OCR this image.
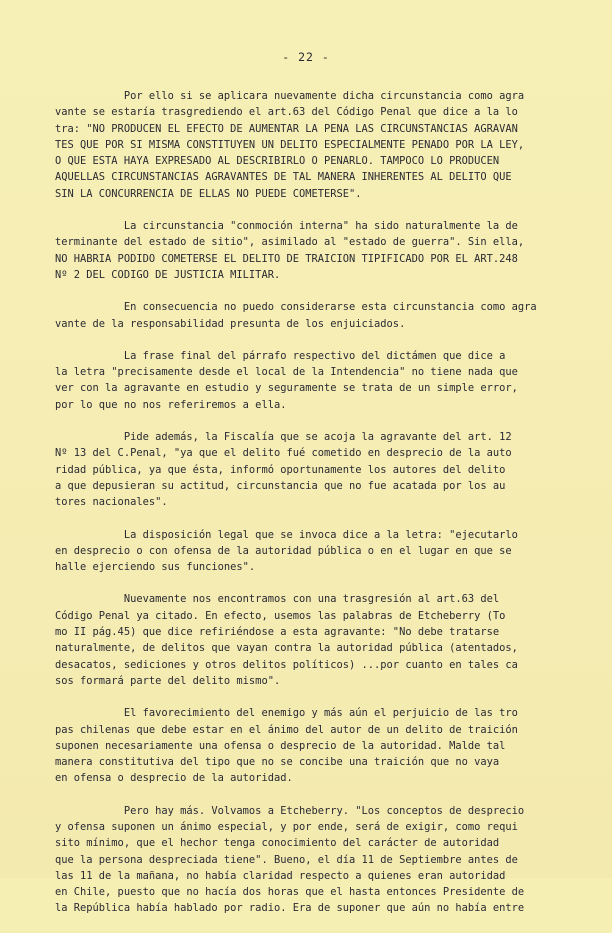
- 22 -
Por ello si se aplicara nuevamente dicha circunstancia como agra
vante se estaría trasgrediendo el art.63 del Código Penal que dice a la lo
tra: "NO PRODUCEN EL EFECTO DE AUMENTAR LA PENA LAS CIRCUNSTANCIAS AGRAVAN
TES QUE POR SI MISMA CONSTITUYEN UN DELITO ESPECIALMENTE PENADO POR LA LEY,
O QUE ESTA HAYA EXPRESADO AL DESCRIBIRLO O PENARLO. TAMPOCO LO PRODUCEN
AQUELLAS CIRCUNSTANCIAS AGRAVANTES DE TAL MANERA INHERENTES AL DELITO QUE
SIN LA CONCURRENCIA DE ELLAS NO PUEDE COMETERSE".
La circunstancia "conmoción interna" ha sido naturalmente la de
terminante del estado de sitio", asimilado al "estado de guerra". Sin ella,
NO HABRIA PODIDO COMETERSE EL DELITO DE TRAICION TIPIFICADO POR EL ART.248
Nº 2 DEL CODIGO DE JUSTICIA MILITAR.
En consecuencia no puedo considerarse esta circunstancia como agra
vante de la responsabilidad presunta de los enjuiciados.
La frase final del párrafo respectivo del dictámen que dice a
la letra "precisamente desde el local de la Intendencia" no tiene nada que
ver con la agravante en estudio y seguramente se trata de un simple error,
por lo que no nos referiremos a ella.
Pide además, la Fiscalía que se acoja la agravante del art. 12
Nº 13 del C.Penal, "ya que el delito fué cometido en desprecio de la auto
ridad pública, ya que ésta, informó oportunamente los autores del delito
a que depusieran su actitud, circunstancia que no fue acatada por los au
tores nacionales".
La disposición legal que se invoca dice a la letra: "ejecutarlo
en desprecio o con ofensa de la autoridad pública o en el lugar en que se
halle ejerciendo sus funciones".
Nuevamente nos encontramos con una trasgresión al art.63 del
Código Penal ya citado. En efecto, usemos las palabras de Etcheberry (To
mo II pág.45) que dice refiriéndose a esta agravante: "No debe tratarse
naturalmente, de delitos que vayan contra la autoridad pública (atentados,
desacatos, sediciones y otros delitos políticos) ...por cuanto en tales ca
sos formará parte del delito mismo".
El favorecimiento del enemigo y más aún el perjuicio de las tro
pas chilenas que debe estar en el ánimo del autor de un delito de traición
suponen necesariamente una ofensa o desprecio de la autoridad. Malde tal
manera constitutiva del tipo que no se concibe una traición que no vaya
en ofensa o desprecio de la autoridad.
Pero hay más. Volvamos a Etcheberry. "Los conceptos de desprecio
y ofensa suponen un ánimo especial, y por ende, será de exigir, como requi
sito mínimo, que el hechor tenga conocimiento del carácter de autoridad
que la persona despreciada tiene". Bueno, el día 11 de Septiembre antes de
las 11 de la mañana, no había claridad respecto a quienes eran autoridad
en Chile, puesto que no hacía dos horas que el hasta entonces Presidente de
la República había hablado por radio. Era de suponer que aún no había entre
